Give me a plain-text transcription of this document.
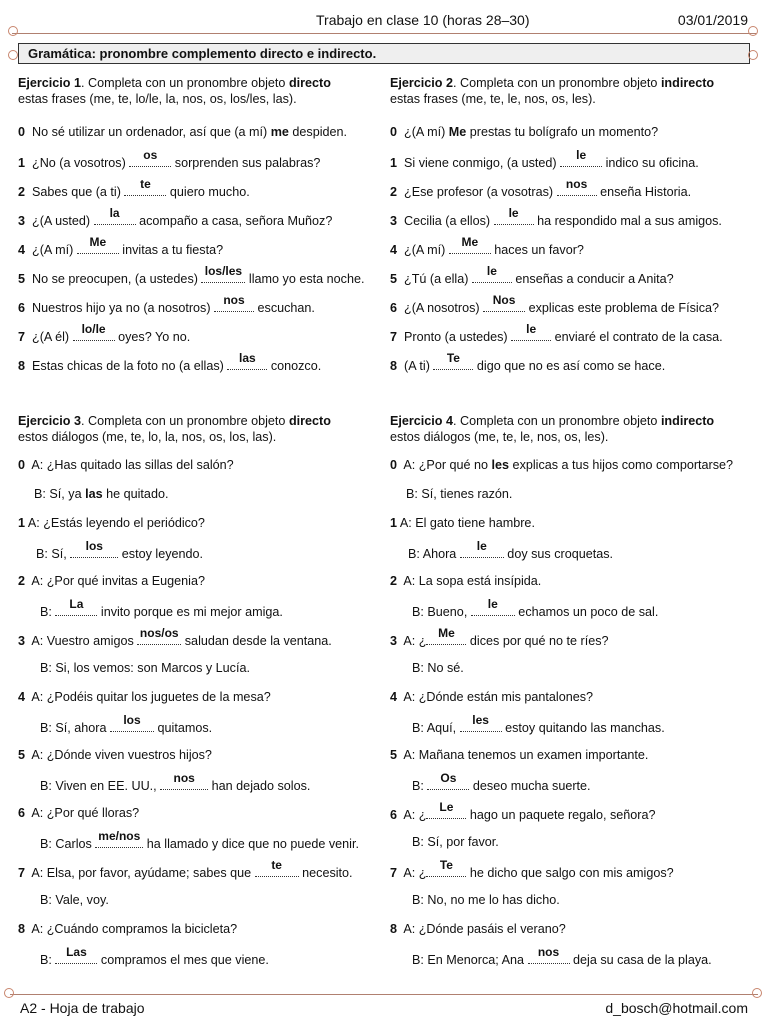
Trabajo en clase 10 (horas 28–30)	03/01/2019
Gramática: pronombre complemento directo e indirecto.
Ejercicio 1. Completa con un pronombre objeto directo
estas frases (me, te, lo/le, la, nos, os, los/les, las).
0 No sé utilizar un ordenador, así que (a mí) me despiden.
1 ¿No (a vosotros)
os
sorprenden sus palabras?
2 Sabes que (a ti)
te
quiero mucho.
3 ¿(A usted)
la
acompaño a casa, señora Muñoz?
4 ¿(A mí)
Me
invitas a tu fiesta?
5 No se preocupen, (a ustedes)
los/les
llamo yo esta noche.
6 Nuestros hijo ya no (a nosotros)
nos
escuchan.
7 ¿(A él)
lo/le
oyes? Yo no.
8 Estas chicas de la foto no (a ellas)
las
conozco.
Ejercicio 2. Completa con un pronombre objeto indirecto
estas frases (me, te, le, nos, os, les).
0 ¿(A mí) Me prestas tu bolígrafo un momento?
1 Si viene conmigo, (a usted)
le
indico su oficina.
2 ¿Ese profesor (a vosotras)
nos
enseña Historia.
3 Cecilia (a ellos)
le
ha respondido mal a sus amigos.
4 ¿(A mí)
Me
haces un favor?
5 ¿Tú (a ella)
le
enseñas a conducir a Anita?
6 ¿(A nosotros)
Nos
explicas este problema de Física?
7 Pronto (a ustedes)
le
enviaré el contrato de la casa.
8 (A ti)
Te
digo que no es así como se hace.
Ejercicio 3. Completa con un pronombre objeto directo
estos diálogos (me, te, lo, la, nos, os, los, las).
0 A: ¿Has quitado las sillas del salón?
B: Sí, ya las he quitado.
1 A: ¿Estás leyendo el periódico?
B: Sí,
los
estoy leyendo.
2 A: ¿Por qué invitas a Eugenia?
B:
La
invito porque es mi mejor amiga.
3 A: Vuestro amigos
nos/os
saludan desde la ventana.
B: Si, los vemos: son Marcos y Lucía.
4 A: ¿Podéis quitar los juguetes de la mesa?
B: Sí, ahora
los
quitamos.
5 A: ¿Dónde viven vuestros hijos?
B: Viven en EE. UU.,
nos
han dejado solos.
6 A: ¿Por qué lloras?
B: Carlos
me/nos
ha llamado y dice que no puede venir.
7 A: Elsa, por favor, ayúdame; sabes que
te
necesito.
B: Vale, voy.
8 A: ¿Cuándo compramos la bicicleta?
B:
Las
compramos el mes que viene.
Ejercicio 4. Completa con un pronombre objeto indirecto
estos diálogos (me, te, le, nos, os, les).
0 A: ¿Por qué no les explicas a tus hijos como comportarse?
B: Sí, tienes razón.
1 A: El gato tiene hambre.
B: Ahora
le
doy sus croquetas.
2 A: La sopa está insípida.
B: Bueno,
le
echamos un poco de sal.
3 A: ¿
Me
dices por qué no te ríes?
B: No sé.
4 A: ¿Dónde están mis pantalones?
B: Aquí,
les
estoy quitando las manchas.
5 A: Mañana tenemos un examen importante.
B:
Os
deseo mucha suerte.
6 A: ¿
Le
hago un paquete regalo, señora?
B: Sí, por favor.
7 A: ¿
Te
he dicho que salgo con mis amigos?
B: No, no me lo has dicho.
8 A: ¿Dónde pasáis el verano?
B: En Menorca; Ana
nos
deja su casa de la playa.
A2 - Hoja de trabajo	d_bosch@hotmail.com
